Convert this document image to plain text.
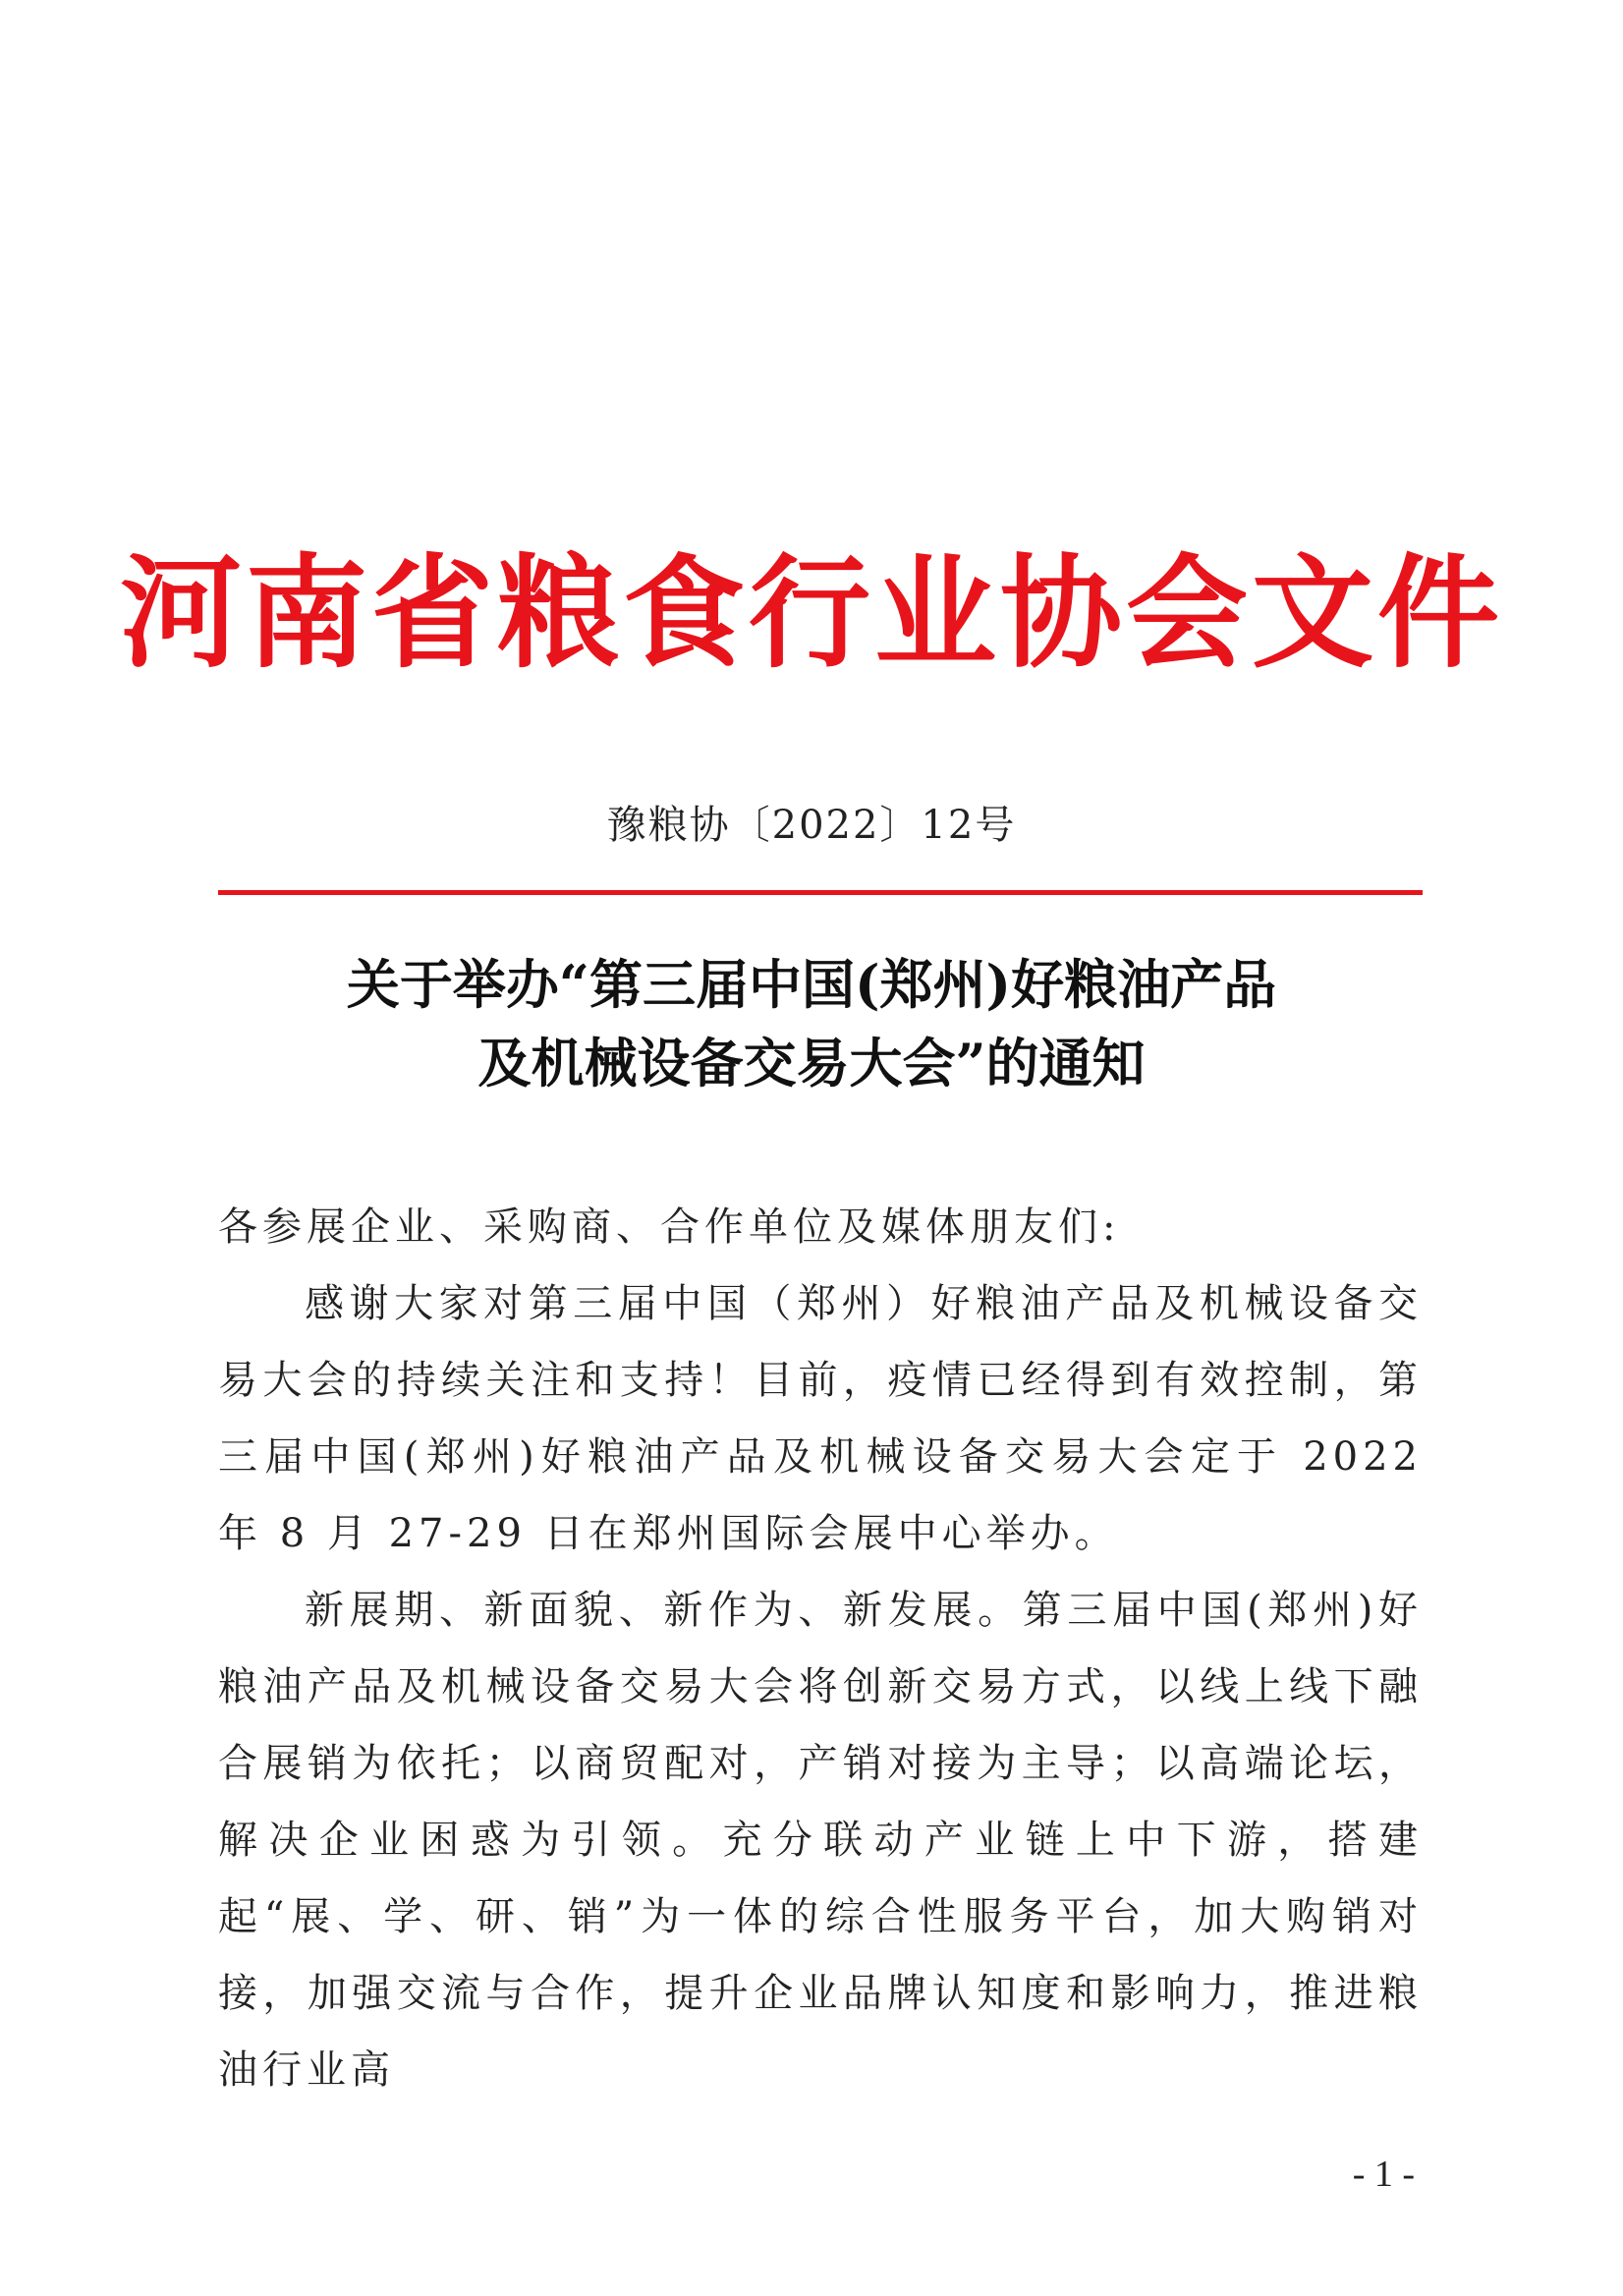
河南省粮食行业协会文件
豫粮协〔2022〕12号
关于举办“第三届中国(郑州)好粮油产品
及机械设备交易大会”的通知

各参展企业、采购商、合作单位及媒体朋友们:

感谢大家对第三届中国（郑州）好粮油产品及机械设备交易大会的持续关注和支持！目前，疫情已经得到有效控制，第三届中国(郑州)好粮油产品及机械设备交易大会定于 2022 年 8 月 27-29 日在郑州国际会展中心举办。

新展期、新面貌、新作为、新发展。第三届中国(郑州)好粮油产品及机械设备交易大会将创新交易方式，以线上线下融合展销为依托；以商贸配对，产销对接为主导；以高端论坛，解决企业困惑为引领。充分联动产业链上中下游，搭建起“展、学、研、销”为一体的综合性服务平台，加大购销对接，加强交流与合作，提升企业品牌认知度和影响力，推进粮油行业高

- 1 -
